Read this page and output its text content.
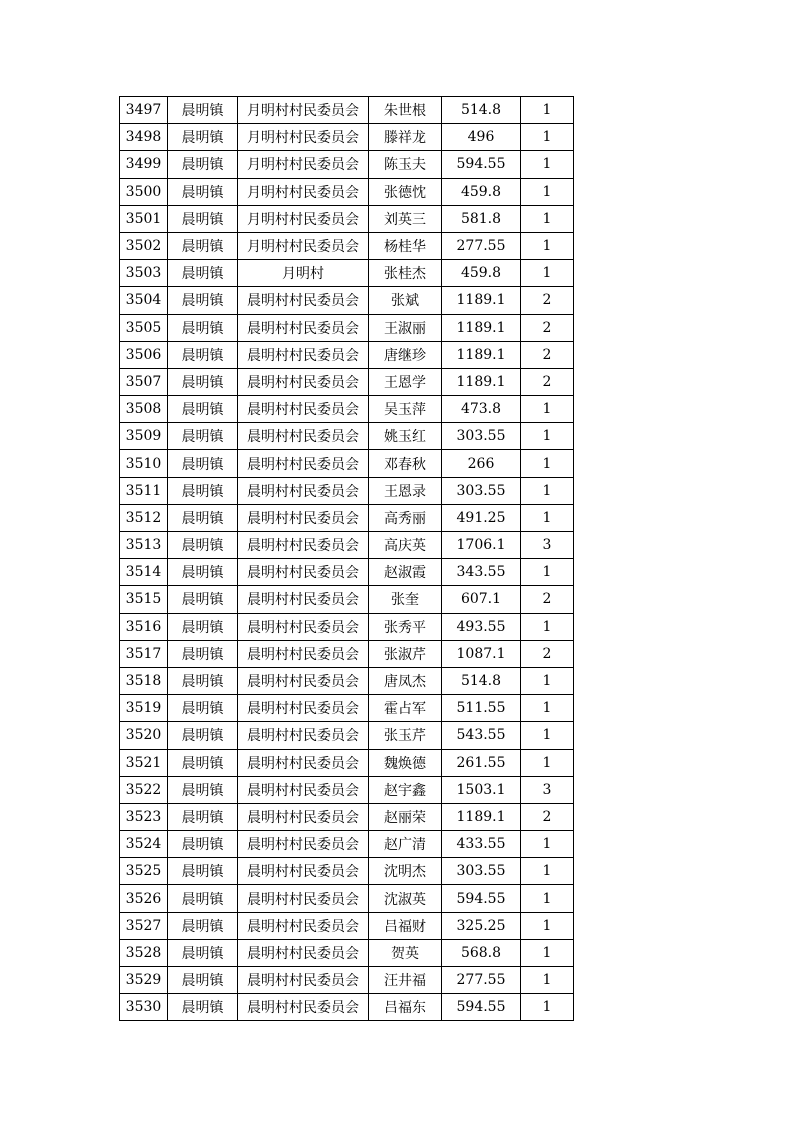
3497	晨明镇	月明村村民委员会	朱世根	514.8	1
3498	晨明镇	月明村村民委员会	滕祥龙	496	1
3499	晨明镇	月明村村民委员会	陈玉夫	594.55	1
3500	晨明镇	月明村村民委员会	张德忱	459.8	1
3501	晨明镇	月明村村民委员会	刘英三	581.8	1
3502	晨明镇	月明村村民委员会	杨桂华	277.55	1
3503	晨明镇	月明村	张桂杰	459.8	1
3504	晨明镇	晨明村村民委员会	张斌	1189.1	2
3505	晨明镇	晨明村村民委员会	王淑丽	1189.1	2
3506	晨明镇	晨明村村民委员会	唐继珍	1189.1	2
3507	晨明镇	晨明村村民委员会	王恩学	1189.1	2
3508	晨明镇	晨明村村民委员会	吴玉萍	473.8	1
3509	晨明镇	晨明村村民委员会	姚玉红	303.55	1
3510	晨明镇	晨明村村民委员会	邓春秋	266	1
3511	晨明镇	晨明村村民委员会	王恩录	303.55	1
3512	晨明镇	晨明村村民委员会	高秀丽	491.25	1
3513	晨明镇	晨明村村民委员会	高庆英	1706.1	3
3514	晨明镇	晨明村村民委员会	赵淑霞	343.55	1
3515	晨明镇	晨明村村民委员会	张奎	607.1	2
3516	晨明镇	晨明村村民委员会	张秀平	493.55	1
3517	晨明镇	晨明村村民委员会	张淑芹	1087.1	2
3518	晨明镇	晨明村村民委员会	唐凤杰	514.8	1
3519	晨明镇	晨明村村民委员会	霍占军	511.55	1
3520	晨明镇	晨明村村民委员会	张玉芹	543.55	1
3521	晨明镇	晨明村村民委员会	魏焕德	261.55	1
3522	晨明镇	晨明村村民委员会	赵宇鑫	1503.1	3
3523	晨明镇	晨明村村民委员会	赵丽荣	1189.1	2
3524	晨明镇	晨明村村民委员会	赵广清	433.55	1
3525	晨明镇	晨明村村民委员会	沈明杰	303.55	1
3526	晨明镇	晨明村村民委员会	沈淑英	594.55	1
3527	晨明镇	晨明村村民委员会	吕福财	325.25	1
3528	晨明镇	晨明村村民委员会	贺英	568.8	1
3529	晨明镇	晨明村村民委员会	汪井福	277.55	1
3530	晨明镇	晨明村村民委员会	吕福东	594.55	1
